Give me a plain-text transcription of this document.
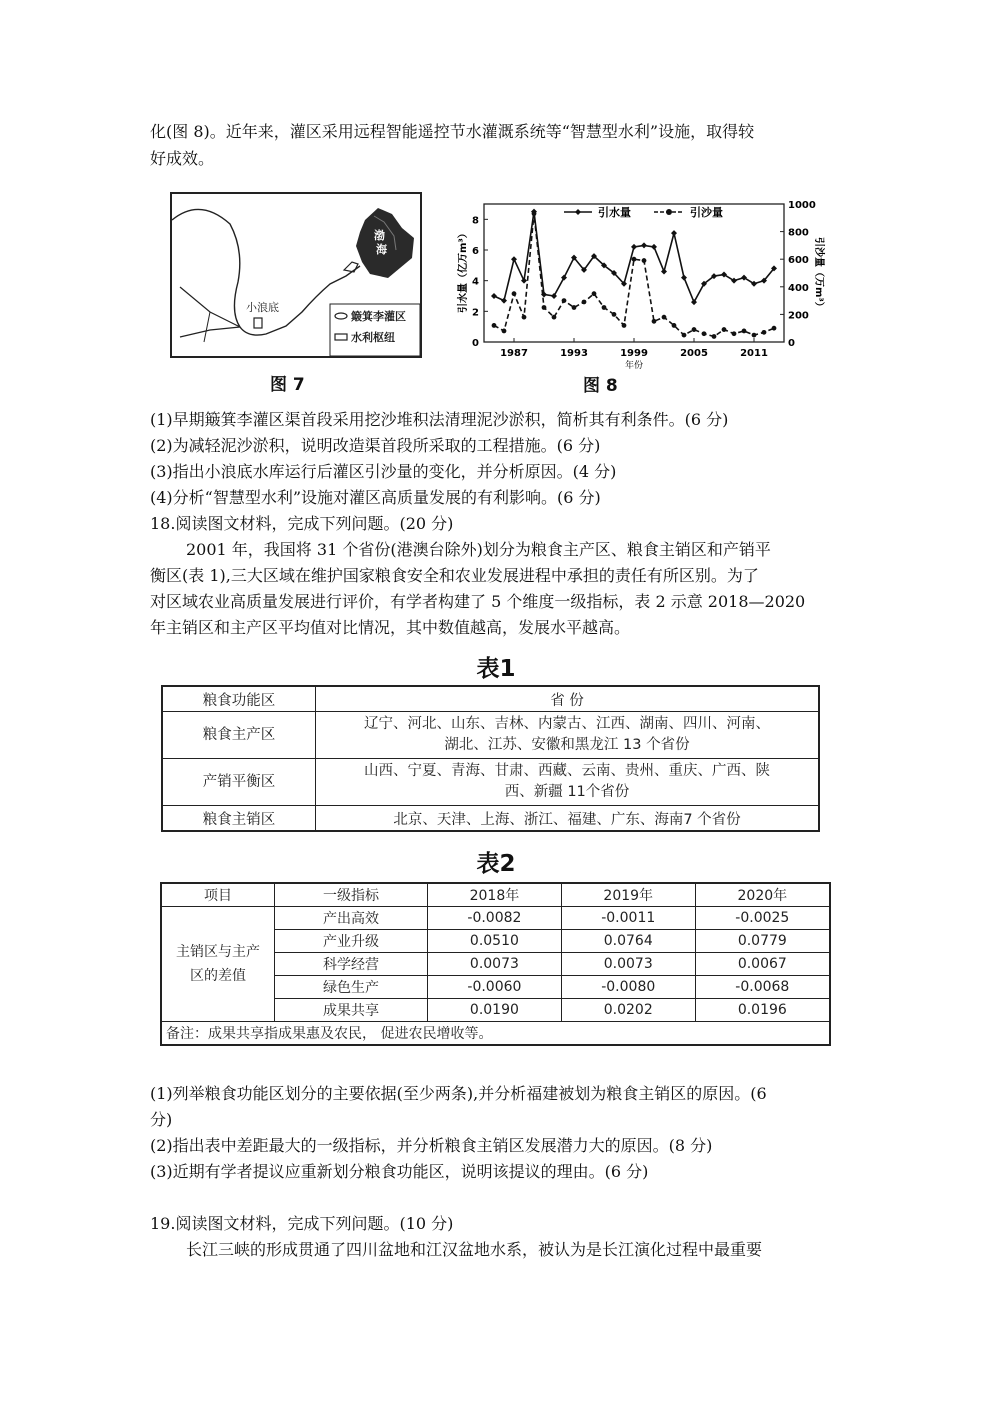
化(图 8)。近年来，灌区采用远程智能遥控节水灌溉系统等“智慧型水利”设施，取得较
好成效。
小浪底
渤
海
簸箕李灌区
水利枢纽
图 7
0
2
4
6
8
0
200
400
600
800
1000
1987	1993	1999	2005	2011
年份
引水量（亿万m³）	引沙量（万m³）
引水量	引沙量
图 8
(1)早期簸箕李灌区渠首段采用挖沙堆积法清理泥沙淤积，简析其有利条件。(6 分)
(2)为减轻泥沙淤积，说明改造渠首段所采取的工程措施。(6 分)
(3)指出小浪底水库运行后灌区引沙量的变化，并分析原因。(4 分)
(4)分析“智慧型水利”设施对灌区高质量发展的有利影响。(6 分)
18.阅读图文材料，完成下列问题。(20 分)
2001 年，我国将 31 个省份(港澳台除外)划分为粮食主产区、粮食主销区和产销平
衡区(表 1),三大区域在维护国家粮食安全和农业发展进程中承担的责任有所区别。为了
对区域农业高质量发展进行评价，有学者构建了 5 个维度一级指标，表 2 示意 2018—2020
年主销区和主产区平均值对比情况，其中数值越高，发展水平越高。
表1
粮食功能区	省 份
粮食主产区	辽宁、河北、山东、吉林、内蒙古、江西、湖南、四川、河南、
湖北、江苏、安徽和黑龙江 13 个省份

产销平衡区	山西、宁夏、青海、甘肃、西藏、云南、贵州、重庆、广西、陕
西、新疆 11个省份

粮食主销区	北京、天津、上海、浙江、福建、广东、海南7 个省份
表2
项目	一级指标	2018年	2019年	2020年

主销区与主产
区的差值	产出高效	-0.0082	-0.0011	-0.0025
	产业升级	0.0510	0.0764	0.0779
	科学经营	0.0073	0.0073	0.0067
	绿色生产	-0.0060	-0.0080	-0.0068
	成果共享	0.0190	0.0202	0.0196
备注：成果共享指成果惠及农民， 促进农民增收等。				
(1)列举粮食功能区划分的主要依据(至少两条),并分析福建被划为粮食主销区的原因。(6
分)
(2)指出表中差距最大的一级指标，并分析粮食主销区发展潜力大的原因。(8 分)
(3)近期有学者提议应重新划分粮食功能区，说明该提议的理由。(6 分)
19.阅读图文材料，完成下列问题。(10 分)
长江三峡的形成贯通了四川盆地和江汉盆地水系，被认为是长江演化过程中最重要
